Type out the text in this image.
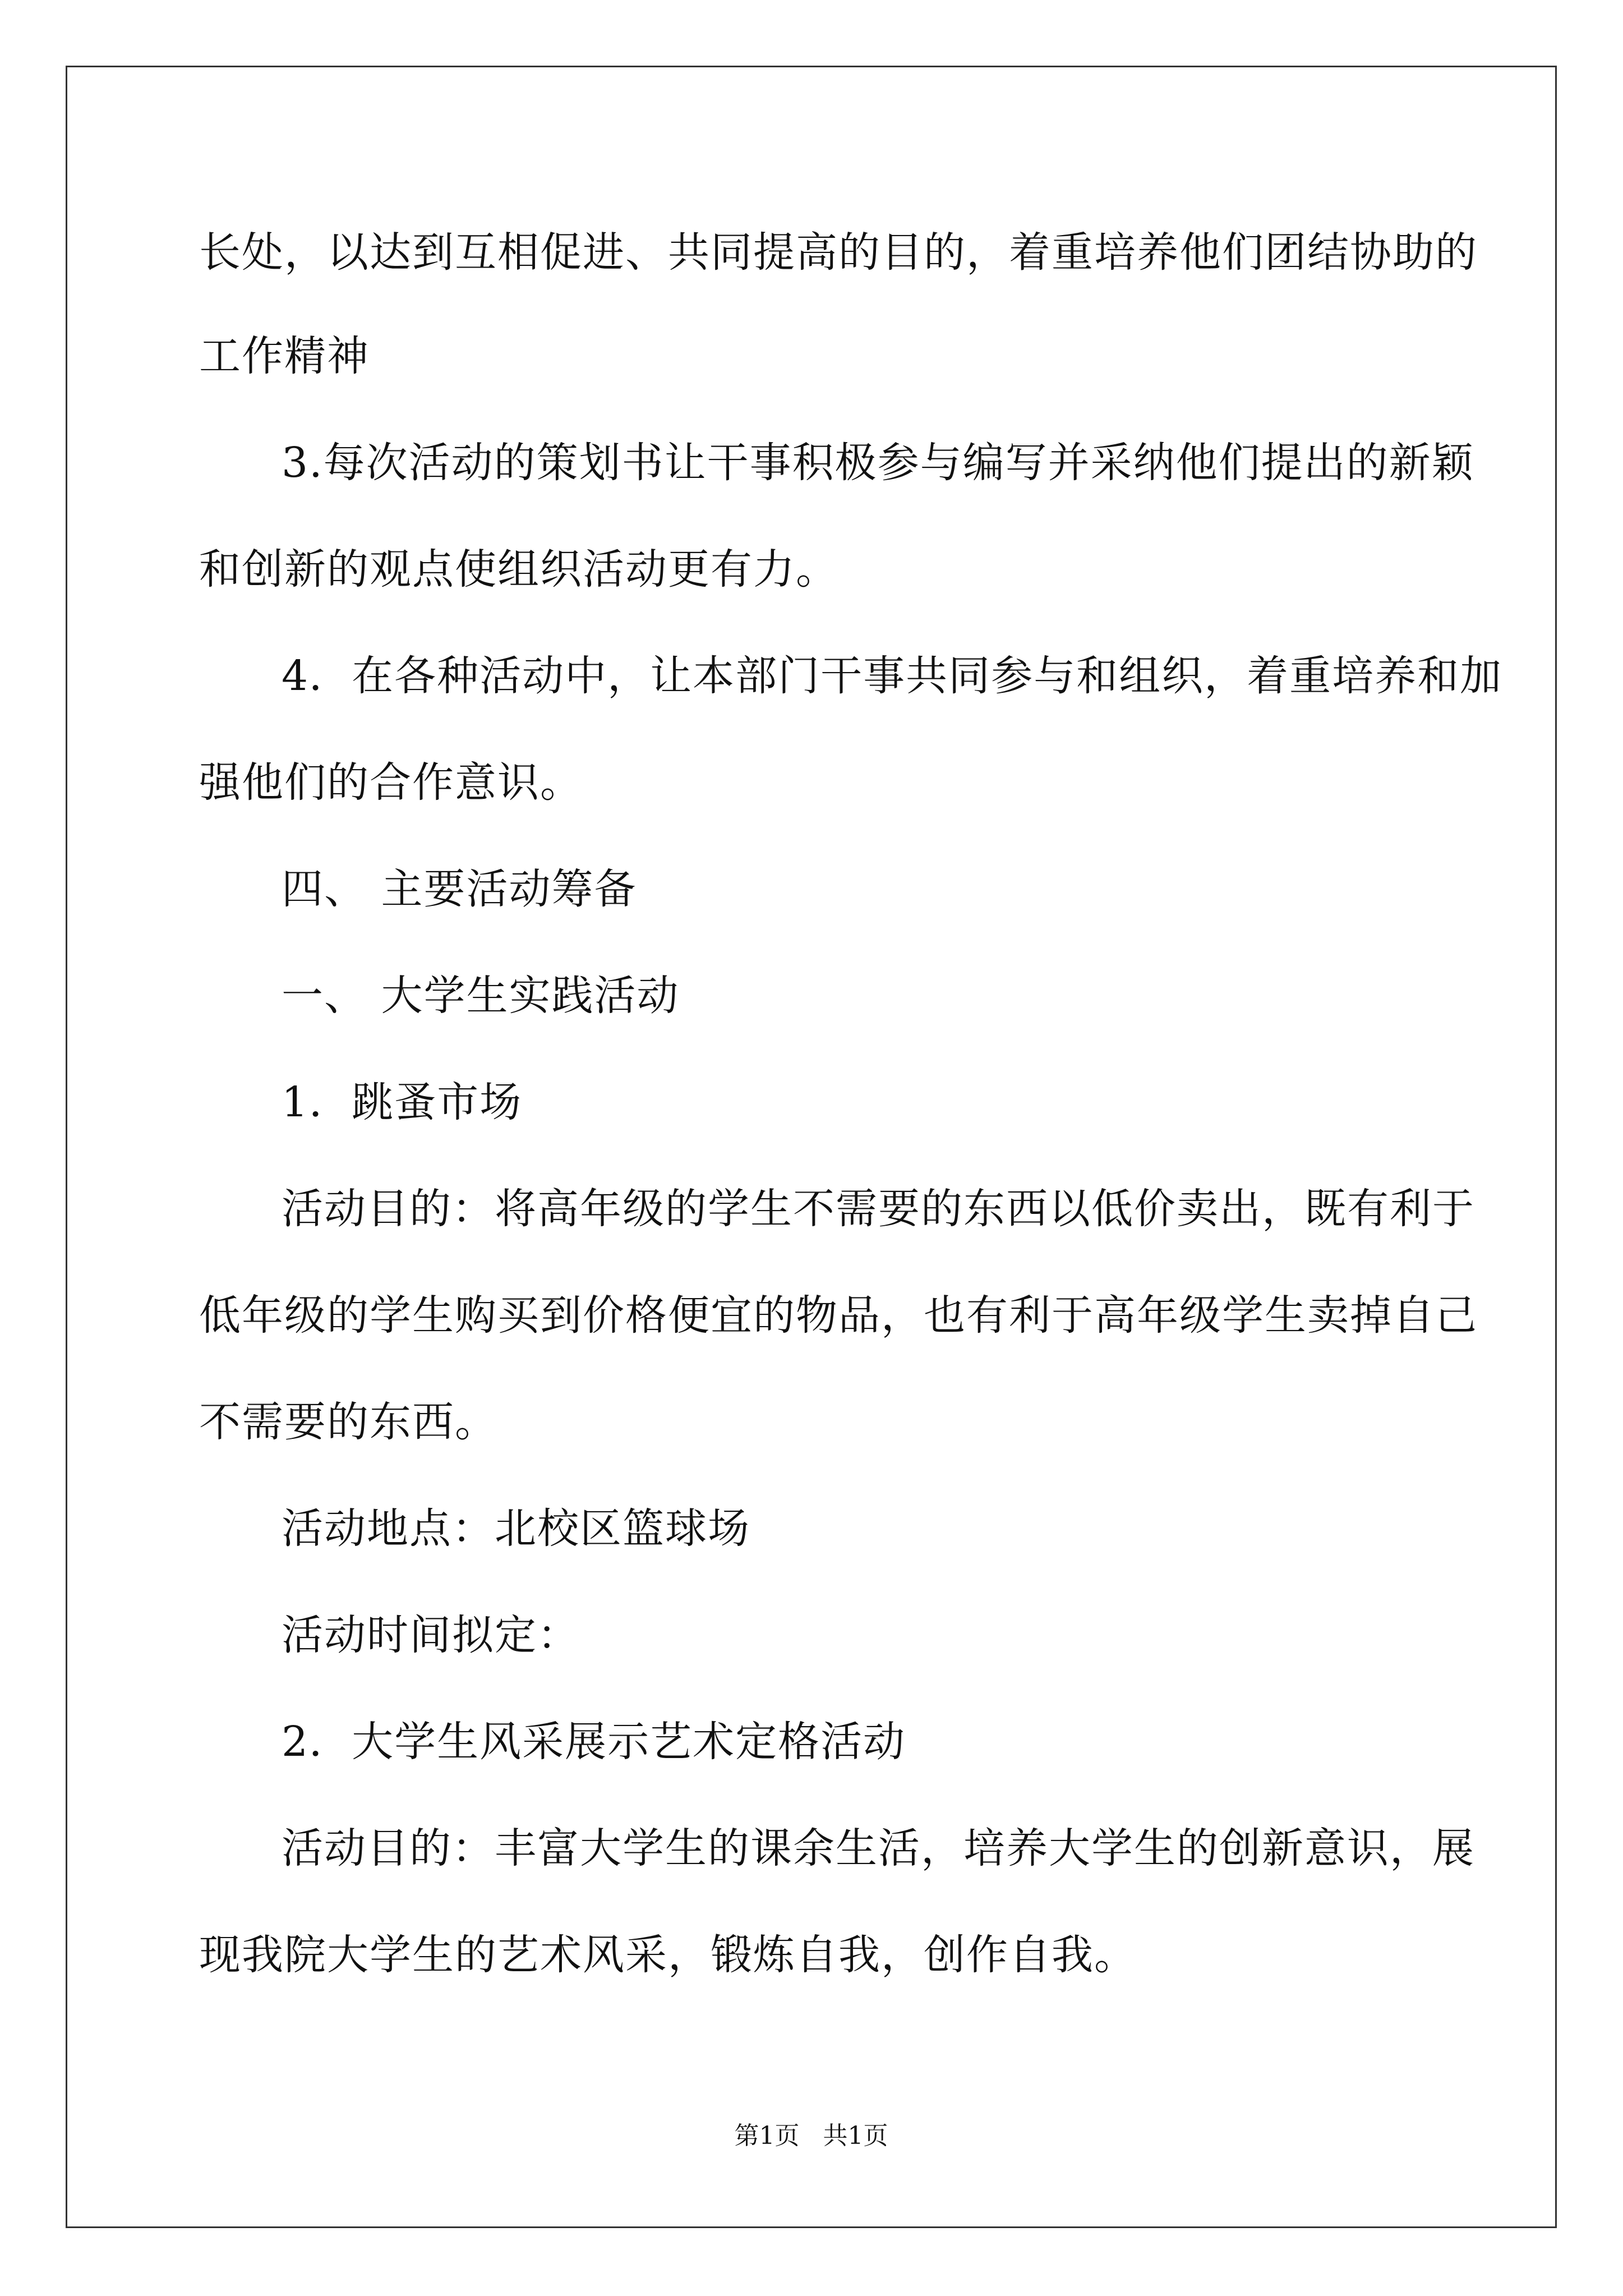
长处，以达到互相促进、共同提高的目的，着重培养他们团结协助的
工作精神
3.每次活动的策划书让干事积极参与编写并采纳他们提出的新颖
和创新的观点使组织活动更有力。
4．在各种活动中，让本部门干事共同参与和组织，着重培养和加
强他们的合作意识。
四、 主要活动筹备
一、 大学生实践活动
1．跳蚤市场
活动目的：将高年级的学生不需要的东西以低价卖出，既有利于
低年级的学生购买到价格便宜的物品，也有利于高年级学生卖掉自己
不需要的东西。
活动地点：北校区篮球场
活动时间拟定：
2．大学生风采展示艺术定格活动
活动目的：丰富大学生的课余生活，培养大学生的创新意识，展
现我院大学生的艺术风采，锻炼自我，创作自我。
第1页   共1页
